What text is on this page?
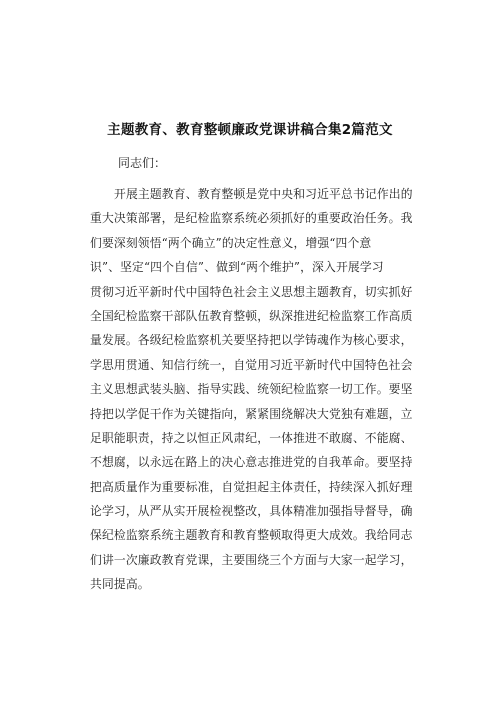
主题教育、教育整顿廉政党课讲稿合集2篇范文
同志们：
开展主题教育、教育整顿是党中央和习近平总书记作出的
重大决策部署，是纪检监察系统必须抓好的重要政治任务。我
们要深刻领悟“两个确立”的决定性意义，增强“四个意
识”、坚定“四个自信”、做到“两个维护”，深入开展学习
贯彻习近平新时代中国特色社会主义思想主题教育，切实抓好
全国纪检监察干部队伍教育整顿，纵深推进纪检监察工作高质
量发展。各级纪检监察机关要坚持把以学铸魂作为核心要求，
学思用贯通、知信行统一，自觉用习近平新时代中国特色社会
主义思想武装头脑、指导实践、统领纪检监察一切工作。要坚
持把以学促干作为关键指向，紧紧围绕解决大党独有难题，立
足职能职责，持之以恒正风肃纪，一体推进不敢腐、不能腐、
不想腐，以永远在路上的决心意志推进党的自我革命。要坚持
把高质量作为重要标准，自觉担起主体责任，持续深入抓好理
论学习，从严从实开展检视整改，具体精准加强指导督导，确
保纪检监察系统主题教育和教育整顿取得更大成效。我给同志
们讲一次廉政教育党课，主要围绕三个方面与大家一起学习，
共同提高。
